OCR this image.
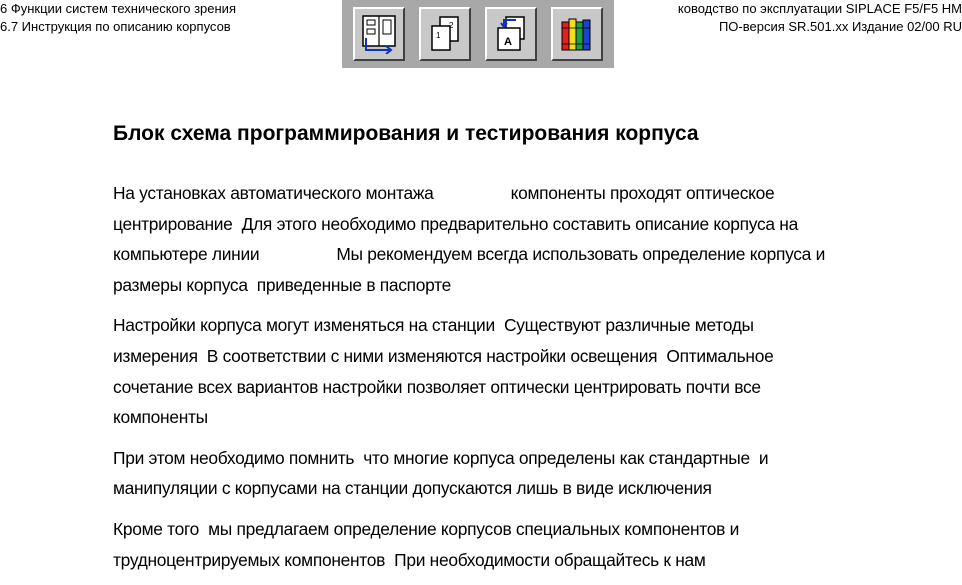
6 Функции систем технического зрения
6.7 Инструкция по описанию корпусов
1
2
A
ководство по эксплуатации SIPLACE F5/F5 HM
ПО-версия SR.501.xx Издание 02/00 RU
Блок схема программирования и тестирования корпуса
На установках автоматического монтажа                 компоненты проходят оптическое
центрирование  Для этого необходимо предварительно составить описание корпуса на
компьютере линии                 Мы рекомендуем всегда использовать определение корпуса и
размеры корпуса  приведенные в паспорте
Настройки корпуса могут изменяться на станции  Существуют различные методы
измерения  В соответствии с ними изменяются настройки освещения  Оптимальное
сочетание всех вариантов настройки позволяет оптически центрировать почти все
компоненты
При этом необходимо помнить  что многие корпуса определены как стандартные  и
манипуляции с корпусами на станции допускаются лишь в виде исключения
Кроме того  мы предлагаем определение корпусов специальных компонентов и
трудноцентрируемых компонентов  При необходимости обращайтесь к нам
